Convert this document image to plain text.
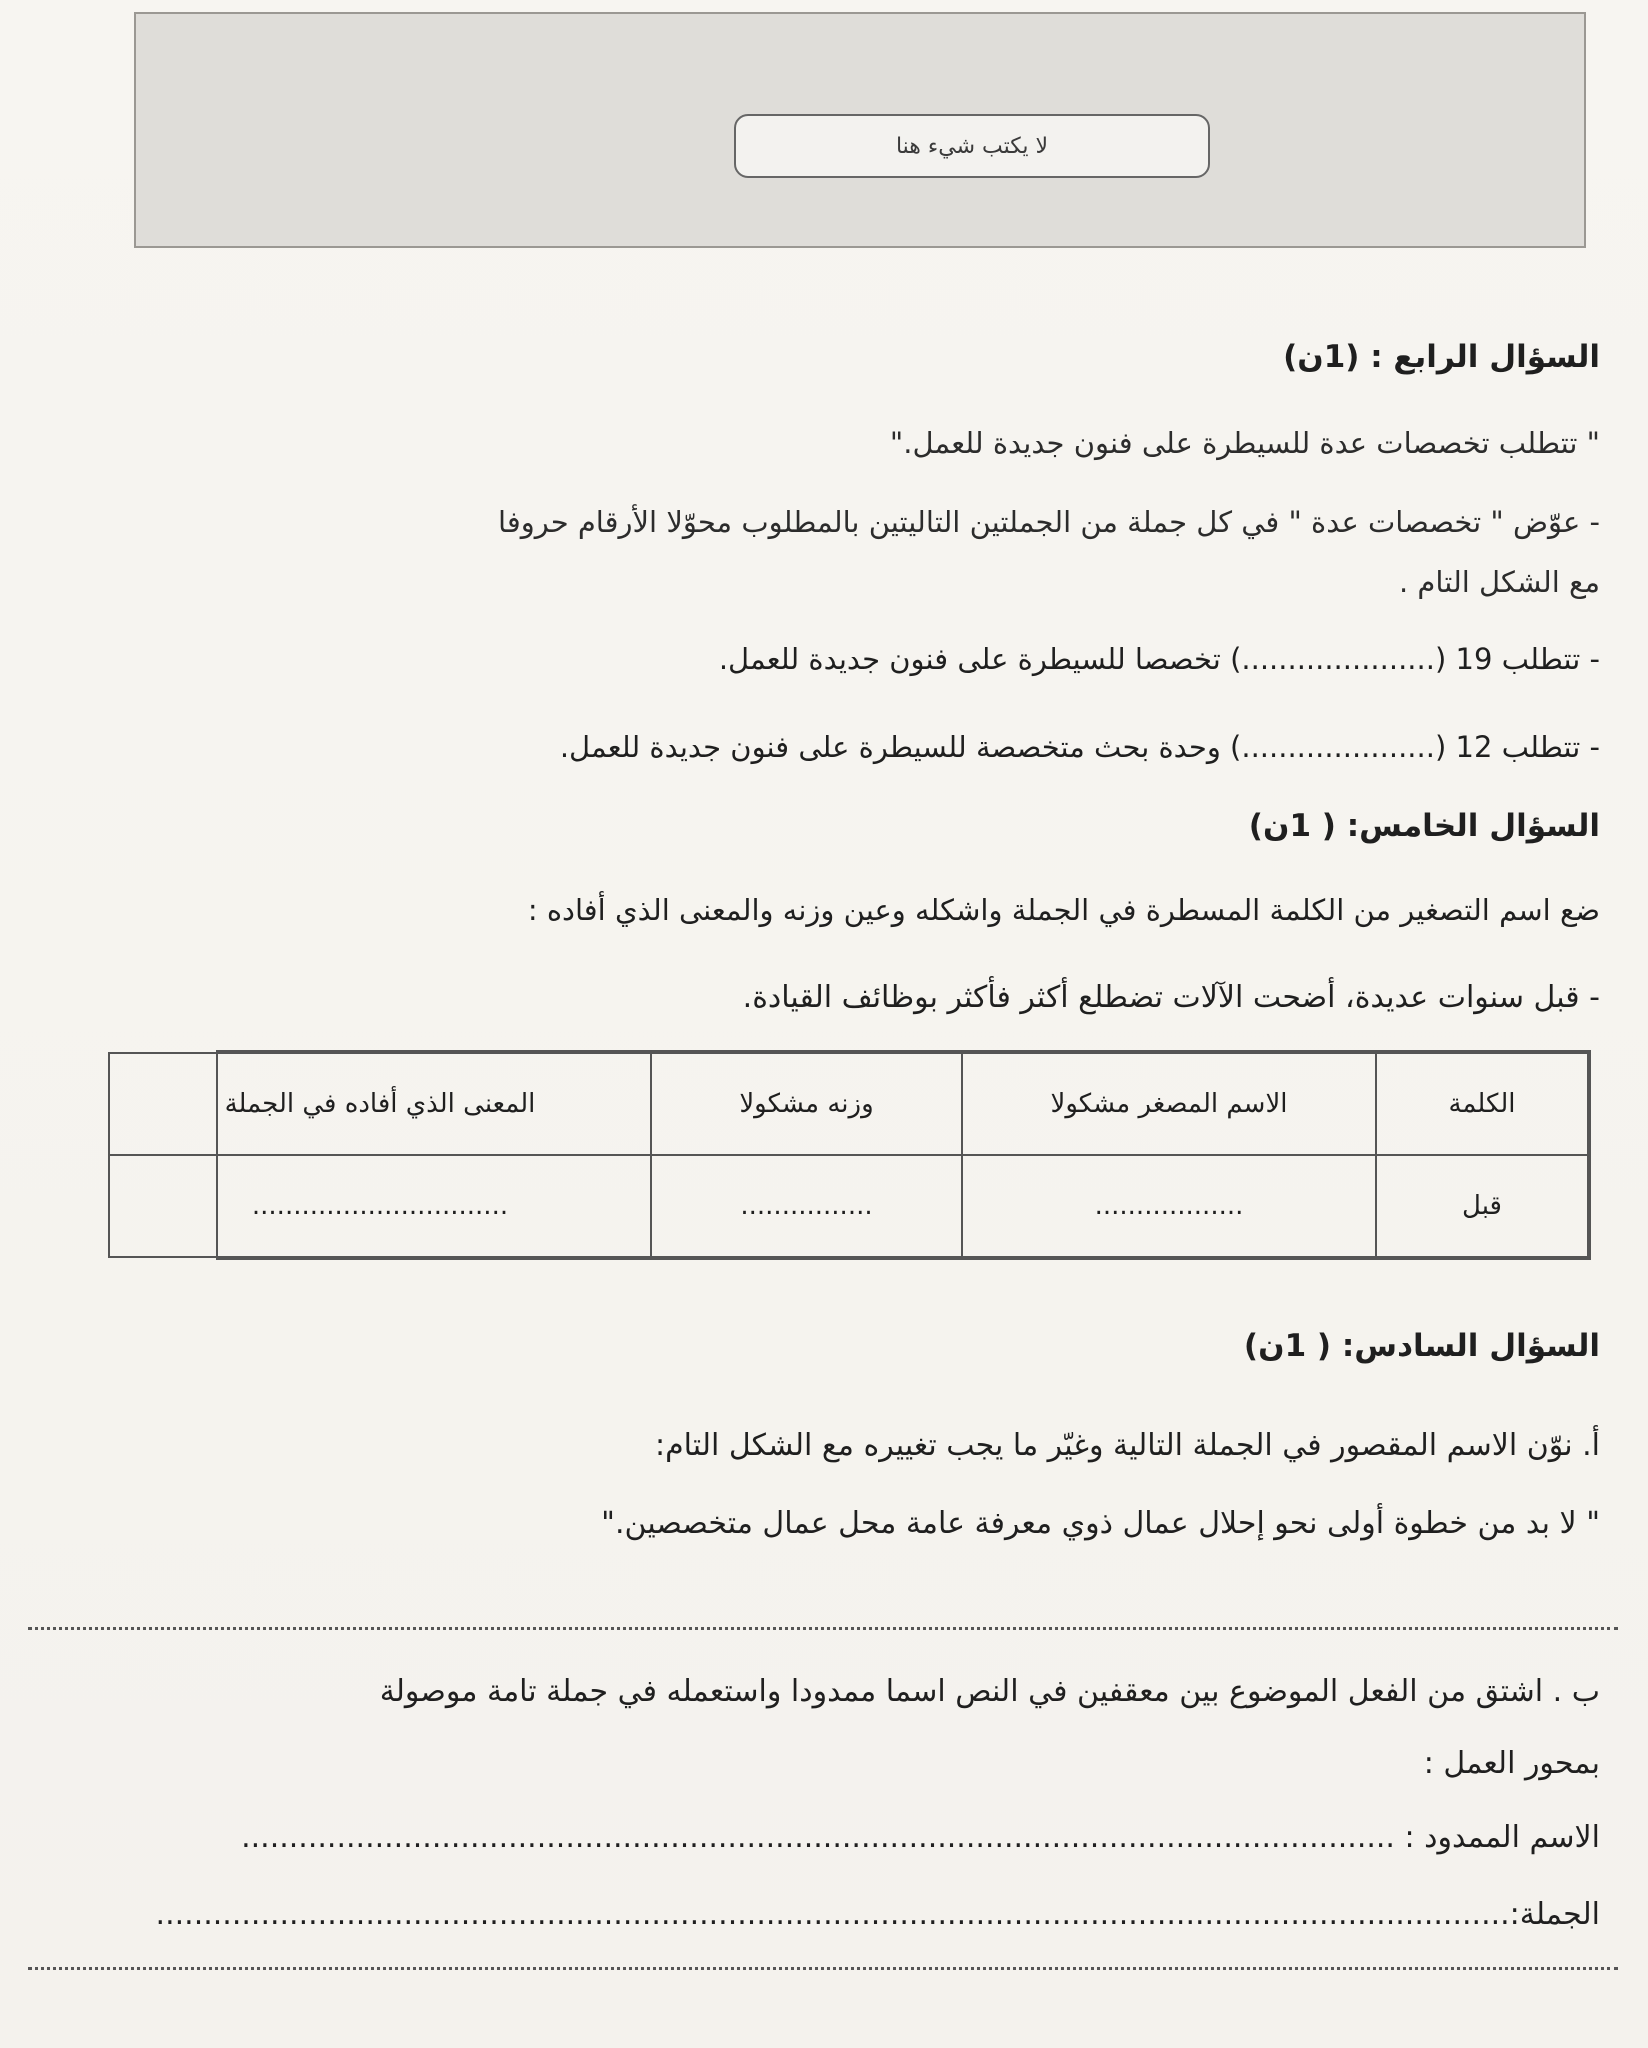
لا يكتب شيء هنا
السؤال الرابع : (1ن)
" تتطلب تخصصات عدة للسيطرة على فنون جديدة للعمل."
- عوّض " تخصصات عدة " في كل جملة من الجملتين التاليتين بالمطلوب محوّلا الأرقام حروفا
مع الشكل التام .
- تتطلب 19 (.....................) تخصصا للسيطرة على فنون جديدة للعمل.
- تتطلب 12 (.....................) وحدة بحث متخصصة للسيطرة على فنون جديدة للعمل.
السؤال الخامس: ( 1ن)
ضع اسم التصغير من الكلمة المسطرة في الجملة واشكله وعين وزنه والمعنى الذي أفاده :
- قبل سنوات عديدة، أضحت الآلات تضطلع أكثر فأكثر بوظائف القيادة.
الكلمة	الاسم المصغر مشكولا	وزنه مشكولا	المعنى الذي أفاده في الجملة
قبل	..................	................	...............................
السؤال السادس: ( 1ن)
أ. نوّن الاسم المقصور في الجملة التالية وغيّر ما يجب تغييره مع الشكل التام:
" لا بد من خطوة أولى نحو إحلال عمال ذوي معرفة عامة محل عمال متخصصين."
ب . اشتق من الفعل الموضوع بين معقفين في النص اسما ممدودا واستعمله في جملة تامة موصولة
بمحور العمل :
الاسم الممدود : .........................................................................................................................
الجملة:..............................................................................................................................................
